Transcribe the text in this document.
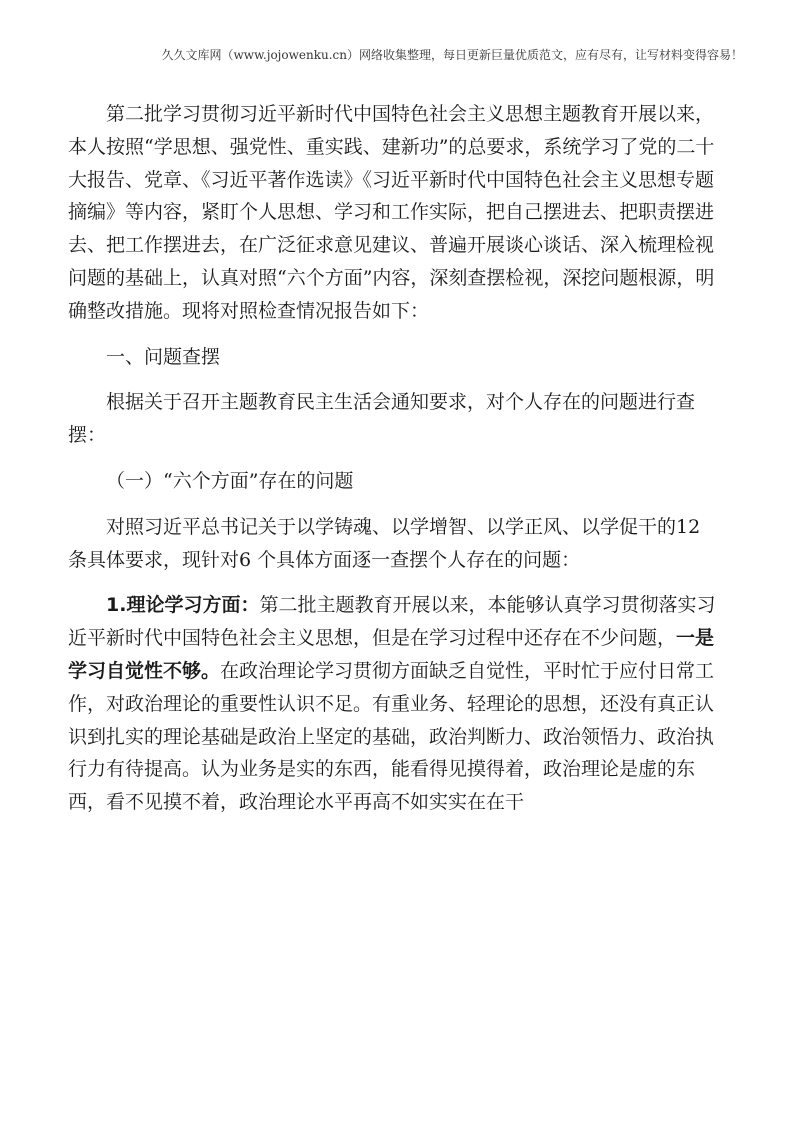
久久文库网（www.jojowenku.cn）网络收集整理，每日更新巨量优质范文，应有尽有，让写材料变得容易！

第二批学习贯彻习近平新时代中国特色社会主义思想主题教育开展以来，本人按照“学思想、强党性、重实践、建新功”的总要求，系统学习了党的二十大报告、党章、《习近平著作选读》《习近平新时代中国特色社会主义思想专题摘编》等内容，紧盯个人思想、学习和工作实际，把自己摆进去、把职责摆进去、把工作摆进去，在广泛征求意见建议、普遍开展谈心谈话、深入梳理检视问题的基础上，认真对照“六个方面”内容，深刻查摆检视，深挖问题根源，明确整改措施。现将对照检查情况报告如下：

一、问题查摆

根据关于召开主题教育民主生活会通知要求，对个人存在的问题进行查摆：

（一）“六个方面”存在的问题

对照习近平总书记关于以学铸魂、以学增智、以学正风、以学促干的12条具体要求，现针对6 个具体方面逐一查摆个人存在的问题：

1.理论学习方面：第二批主题教育开展以来，本能够认真学习贯彻落实习近平新时代中国特色社会主义思想，但是在学习过程中还存在不少问题，一是学习自觉性不够。在政治理论学习贯彻方面缺乏自觉性，平时忙于应付日常工作，对政治理论的重要性认识不足。有重业务、轻理论的思想，还没有真正认识到扎实的理论基础是政治上坚定的基础，政治判断力、政治领悟力、政治执行力有待提高。认为业务是实的东西，能看得见摸得着，政治理论是虚的东西，看不见摸不着，政治理论水平再高不如实实在在干
